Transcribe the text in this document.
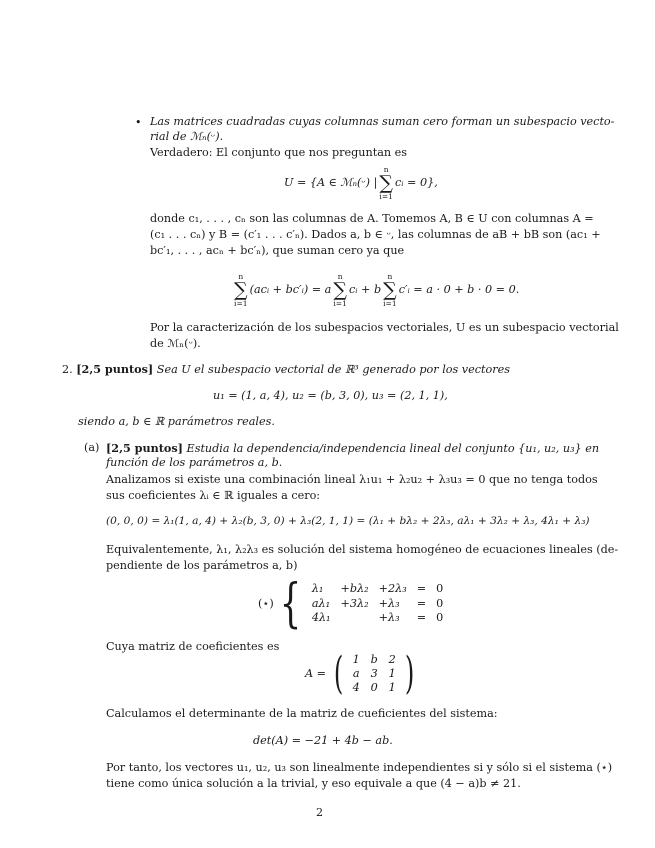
• Las matrices cuadradas cuyas columnas suman cero forman un subespacio vecto-
rial de ℳₙ(ᵕ).
Verdadero: El conjunto que nos preguntan es
U = {A ∈ ℳₙ(ᵕ) |
n
∑
i=1
cᵢ = 0},
donde c₁, . . . , cₙ son las columnas de A. Tomemos A, B ∈ U con columnas A =
(c₁ . . . cₙ) y B = (c′₁ . . . c′ₙ). Dados a, b ∈ ᵕ, las columnas de aB + bB son (ac₁ +
bc′₁, . . . , acₙ + bc′ₙ), que suman cero ya que
n
∑
i=1
(acᵢ + bc′ᵢ) = a
n
∑
i=1
cᵢ + b
n
∑
i=1
c′ᵢ = a · 0 + b · 0 = 0.
Por la caracterización de los subespacios vectoriales, U es un subespacio vectorial
de ℳₙ(ᵕ).
2. [2,5 puntos] Sea U el subespacio vectorial de ℝ³ generado por los vectores
u₁ = (1, a, 4), u₂ = (b, 3, 0), u₃ = (2, 1, 1),
siendo a, b ∈ ℝ parámetros reales.
(a) [2,5 puntos] Estudia la dependencia/independencia lineal del conjunto {u₁, u₂, u₃} en
función de los parámetros a, b.
Analizamos si existe una combinación lineal λ₁u₁ + λ₂u₂ + λ₃u₃ = 0 que no tenga todos
sus coeficientes λᵢ ∈ ℝ iguales a cero:
(0, 0, 0) = λ₁(1, a, 4) + λ₂(b, 3, 0) + λ₃(2, 1, 1) = (λ₁ + bλ₂ + 2λ₃, aλ₁ + 3λ₂ + λ₃, 4λ₁ + λ₃)
Equivalentemente, λ₁, λ₂λ₃ es solución del sistema homogéneo de ecuaciones lineales (de-
pendiente de los parámetros a, b)
(⋆) { λ₁	+bλ₂	+2λ₃	=	0
aλ₁	+3λ₂	+λ₃	=	0
4λ₁		+λ₃	=	0
Cuya matriz de coeficientes es
A = ( 1 b 2
a 3 1
4 0 1 )
Calculamos el determinante de la matriz de cueficientes del sistema:
det(A) = −21 + 4b − ab.
Por tanto, los vectores u₁, u₂, u₃ son linealmente independientes si y sólo si el sistema (⋆)
tiene como única solución a la trivial, y eso equivale a que (4 − a)b ≠ 21.
2
